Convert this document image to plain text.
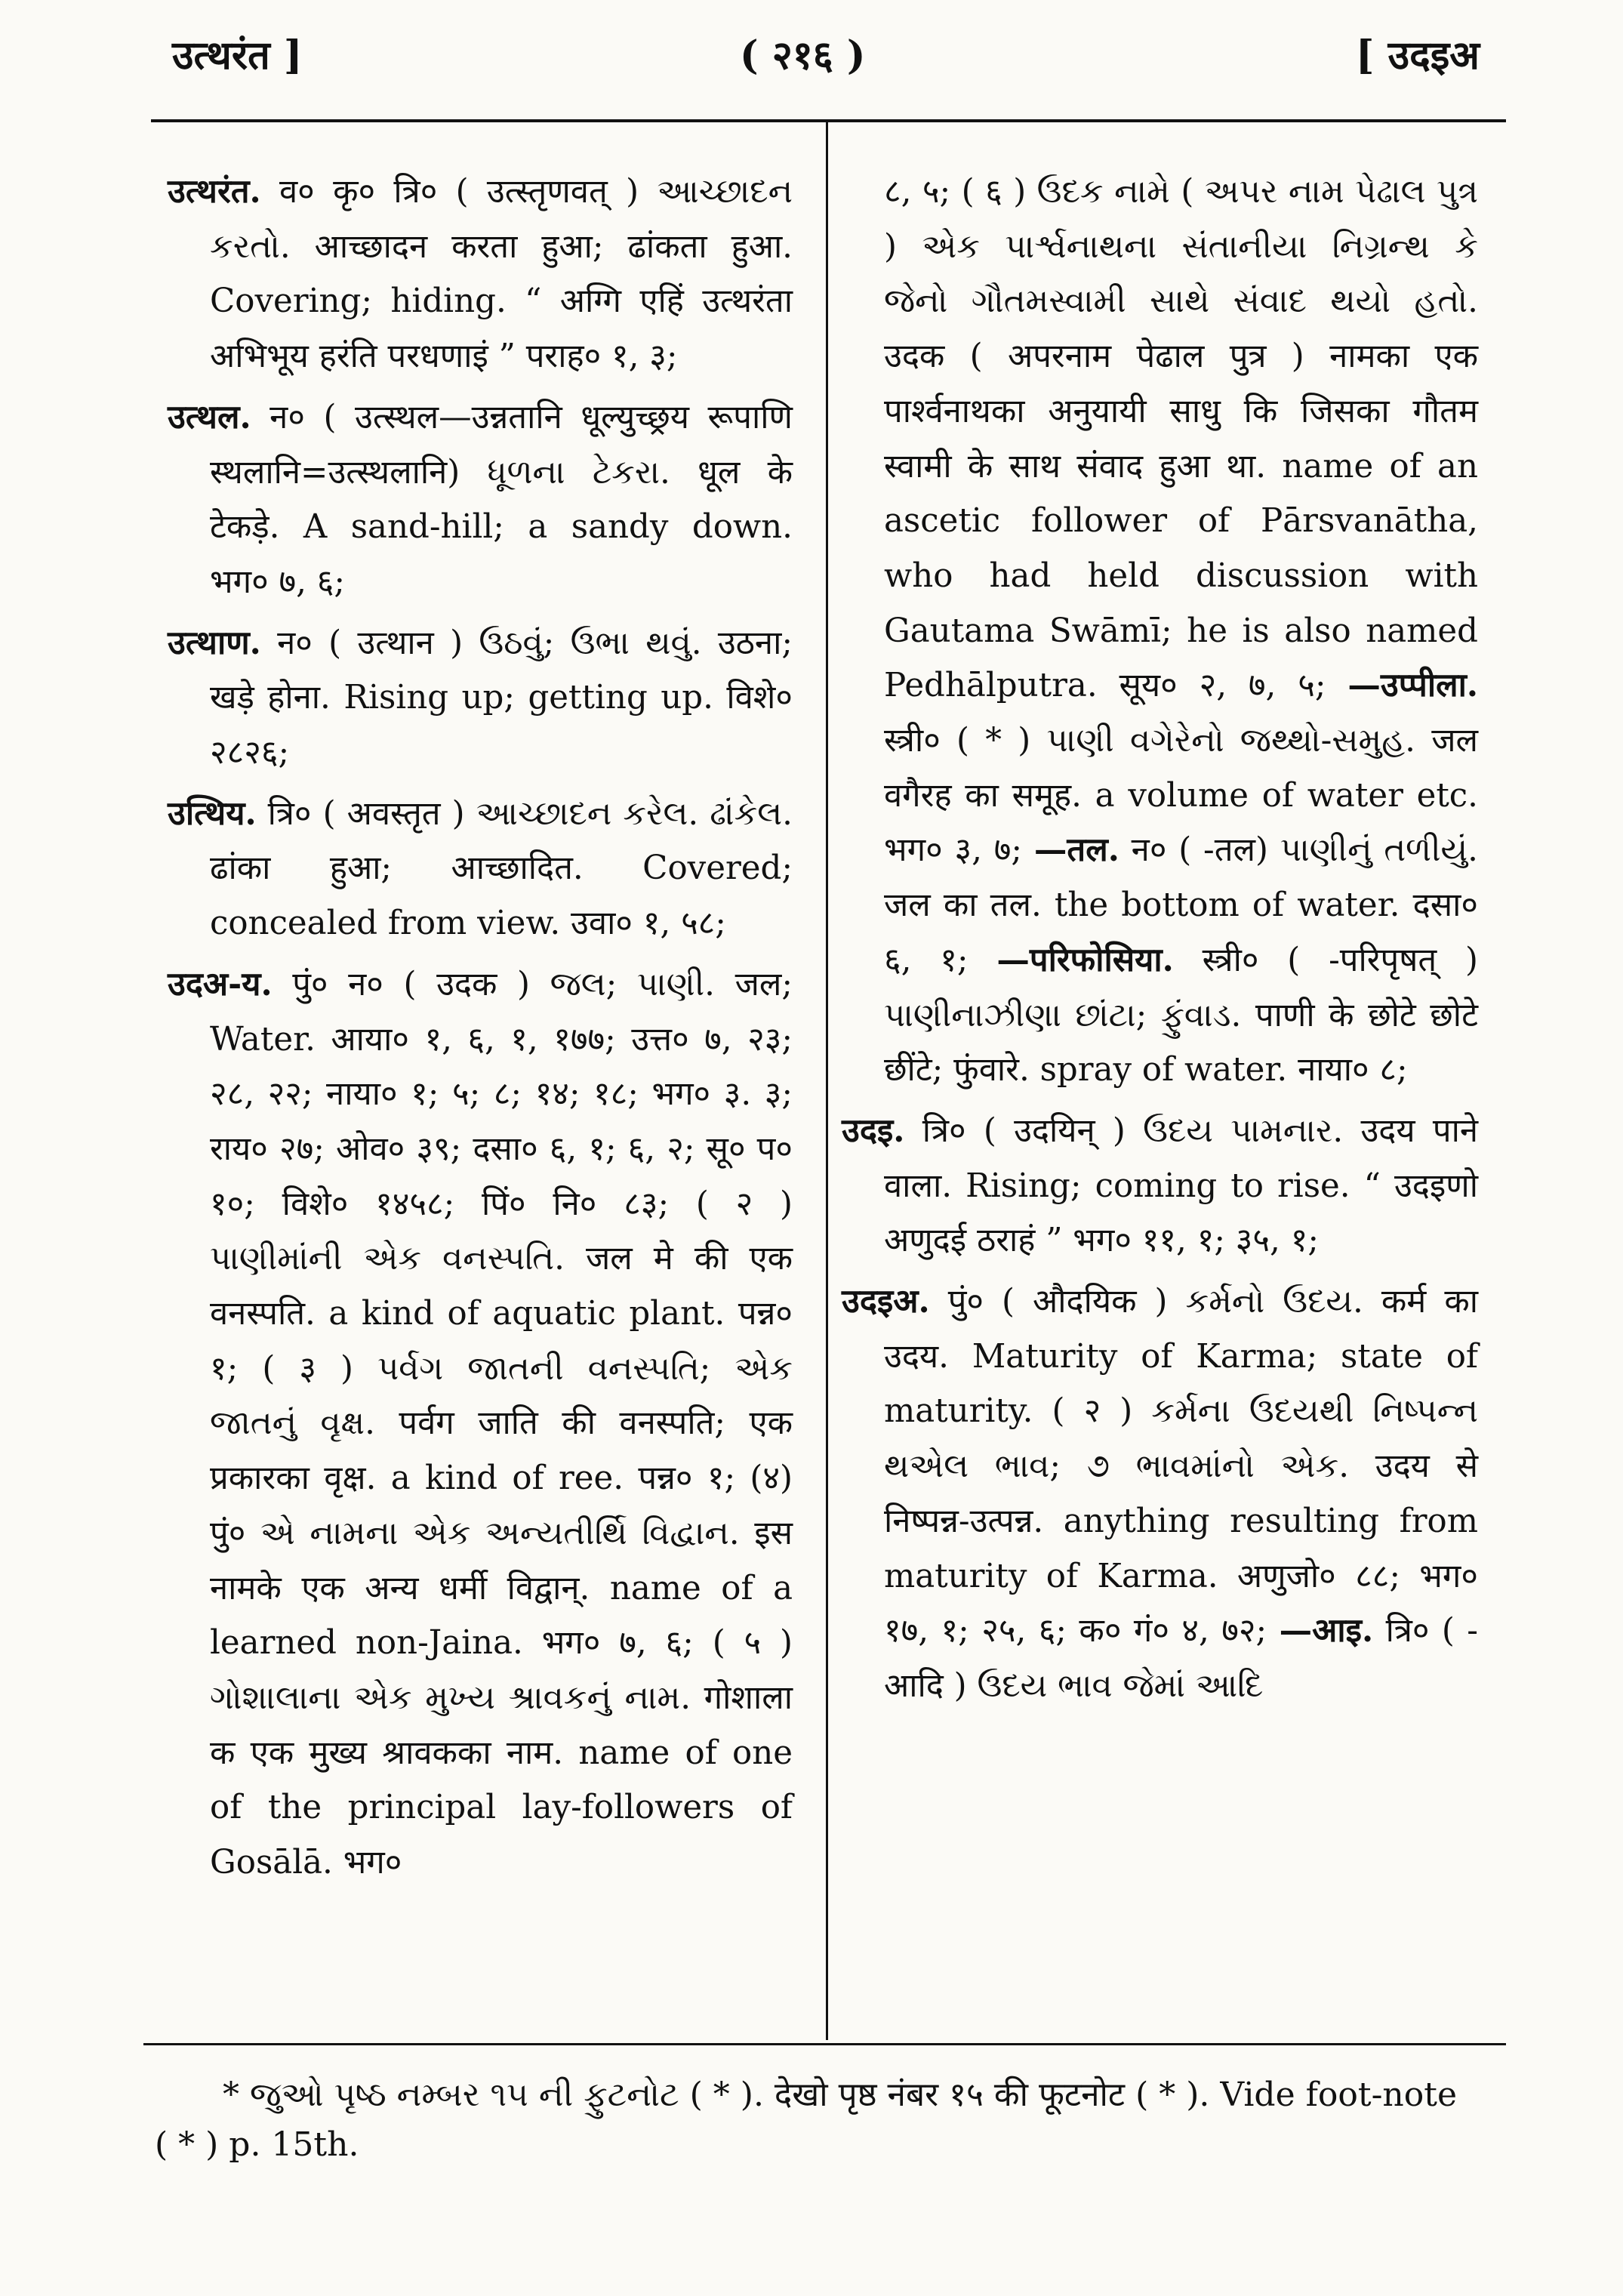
उत्थरंत ]	( २१६ )	[ उदइअ

उत्थरंत. व० कृ० त्रि० ( उत्स्तृणवत् ) આચ્છાદન કરતો. आच्छादन करता हुआ; ढांकता हुआ. Covering; hiding. “ अग्गि एहिं उत्थरंता अभिभूय हरंति परधणाइं ” पराह० १, ३;

उत्थल. न० ( उत्स्थल—उन्नतानि धूल्युच्छ्रय रूपाणि स्थलानि=उत्स्थलानि) ધૂળના ટેકરા. धूल के टेकड़े. A sand-hill; a sandy down. भग० ७, ६;

उत्थाण. न० ( उत्थान ) ઉઠવું; ઉભા થવું. उठना; खड़े होना. Rising up; getting up. विशे० २८२६;

उत्थिय. त्रि० ( अवस्तृत ) આચ્છાદન કરેલ. ઢાંકેલ. ढांका हुआ; आच्छादित. Covered; concealed from view. उवा० १, ५८;

उदअ-य. पुं० न० ( उदक ) જલ; પાણી. जल; Water. आया० १, ६, १, १७७; उत्त० ७, २३; २८, २२; नाया० १; ५; ८; १४; १८; भग० ३. ३; राय० २७; ओव० ३९; दसा० ६, १; ६, २; सू० प० १०; विशे० १४५८; पिं० नि० ८३; ( २ ) પાણીમાંની એક વનસ્પતિ. जल मे की एक वनस्पति. a kind of aquatic plant. पन्न० १; ( ३ ) પર્વગ જાતની વનસ્પતિ; એક જાતનું વૃક્ષ. पर्वग जाति की वनस्पति; एक प्रकारका वृक्ष. a kind of ree. पन्न० १; (४) पुं० એ નામના એક અન્યતીર્થિ વિદ્વાન. इस नामके एक अन्य धर्मी विद्वान्. name of a learned non-Jaina. भग० ७, ६; ( ५ ) ગોશાલાના એક મુખ્ય શ્રાવકનું નામ. गोशाला क एक मुख्य श्रावकका नाम. name of one of the principal lay-followers of Gosālā. भग०

८, ५; ( ६ ) ઉદક નામે ( અપર નામ પેઢાલ પુત્ર ) એક પાર્શ્વનાથના સંતાનીયા નિગ્રન્થ કે જેનો ગૌતમસ્વામી સાથે સંવાદ થયો હતો. उदक ( अपरनाम पेढाल पुत्र ) नामका एक पार्श्वनाथका अनुयायी साधु कि जिसका गौतम स्वामी के साथ संवाद हुआ था. name of an ascetic follower of Pārsvanātha, who had held discussion with Gautama Swāmī; he is also named Pedhālputra. सूय० २, ७, ५; —उप्पीला. स्त्री० ( * ) પાણી વગેરેનો જથ્થો-સમુહ. जल वगैरह का समूह. a volume of water etc. भग० ३, ७; —तल. न० ( -तल) પાણીનું તળીયું. जल का तल. the bottom of water. दसा० ६, १; —परिफोसिया. स्त्री० ( -परिपृषत् ) પાણીનાઝીણા છાંટા; ફુંવાડ. पाणी के छोटे छोटे छींटे; फुंवारे. spray of water. नाया० ८;

उदइ. त्रि० ( उदयिन् ) ઉદય પામનાર. उदय पाने वाला. Rising; coming to rise. “ उदइणो अणुदई ठराहं ” भग० ११, १; ३५, १;

उदइअ. पुं० ( औदयिक ) કર્મનો ઉદય. कर्म का उदय. Maturity of Karma; state of maturity. ( २ ) કર્મના ઉદયથી નિષ્પન્ન થએલ ભાવ; ૭ ભાવમાંનો એક. उदय से निष्पन्न-उत्पन्न. anything resulting from maturity of Karma. अणुजो० ८८; भग० १७, १; २५, ६; क० गं० ४, ७२; —आइ. त्रि० ( -आदि ) ઉદય ભાવ જેમાં આદિ

* જુઓ પૃષ્ઠ નમ્બર ૧૫ ની ફુટનોટ ( * ). देखो पृष्ठ नंबर १५ की फूटनोट ( * ). Vide foot-note ( * ) p. 15th.
